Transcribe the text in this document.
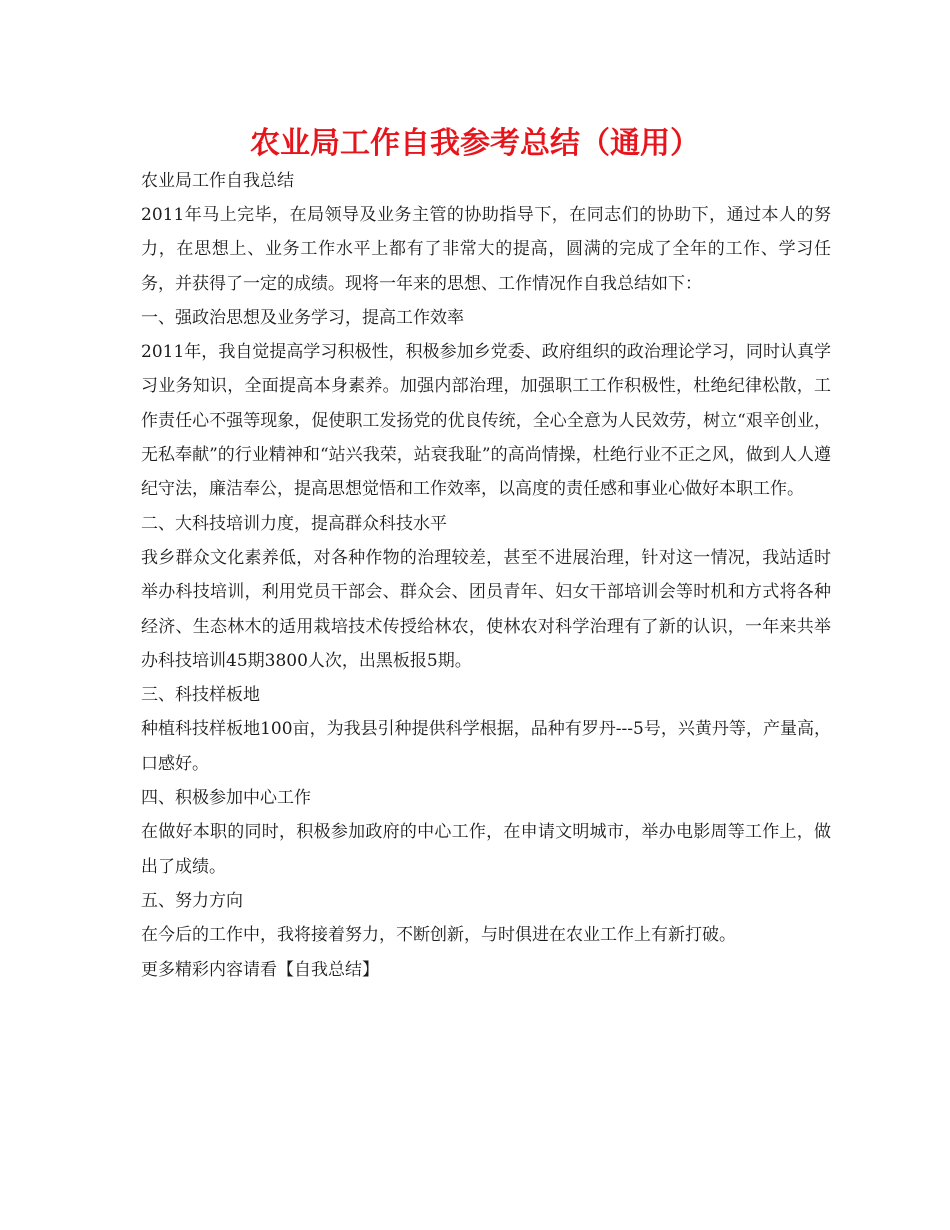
农业局工作自我参考总结（通用）

农业局工作自我总结

2011年马上完毕，在局领导及业务主管的协助指导下，在同志们的协助下，通过本人的努力，在思想上、业务工作水平上都有了非常大的提高，圆满的完成了全年的工作、学习任务，并获得了一定的成绩。现将一年来的思想、工作情况作自我总结如下：

一、强政治思想及业务学习，提高工作效率

2011年，我自觉提高学习积极性，积极参加乡党委、政府组织的政治理论学习，同时认真学习业务知识，全面提高本身素养。加强内部治理，加强职工工作积极性，杜绝纪律松散，工作责任心不强等现象，促使职工发扬党的优良传统，全心全意为人民效劳，树立“艰辛创业，无私奉献”的行业精神和“站兴我荣，站衰我耻”的高尚情操，杜绝行业不正之风，做到人人遵纪守法，廉洁奉公，提高思想觉悟和工作效率，以高度的责任感和事业心做好本职工作。

二、大科技培训力度，提高群众科技水平

我乡群众文化素养低，对各种作物的治理较差，甚至不进展治理，针对这一情况，我站适时举办科技培训，利用党员干部会、群众会、团员青年、妇女干部培训会等时机和方式将各种经济、生态林木的适用栽培技术传授给林农，使林农对科学治理有了新的认识，一年来共举办科技培训45期3800人次，出黑板报5期。

三、科技样板地

种植科技样板地100亩，为我县引种提供科学根据，品种有罗丹---5号，兴黄丹等，产量高，口感好。

四、积极参加中心工作

在做好本职的同时，积极参加政府的中心工作，在申请文明城市，举办电影周等工作上，做出了成绩。

五、努力方向

在今后的工作中，我将接着努力，不断创新，与时俱进在农业工作上有新打破。

更多精彩内容请看【自我总结】
